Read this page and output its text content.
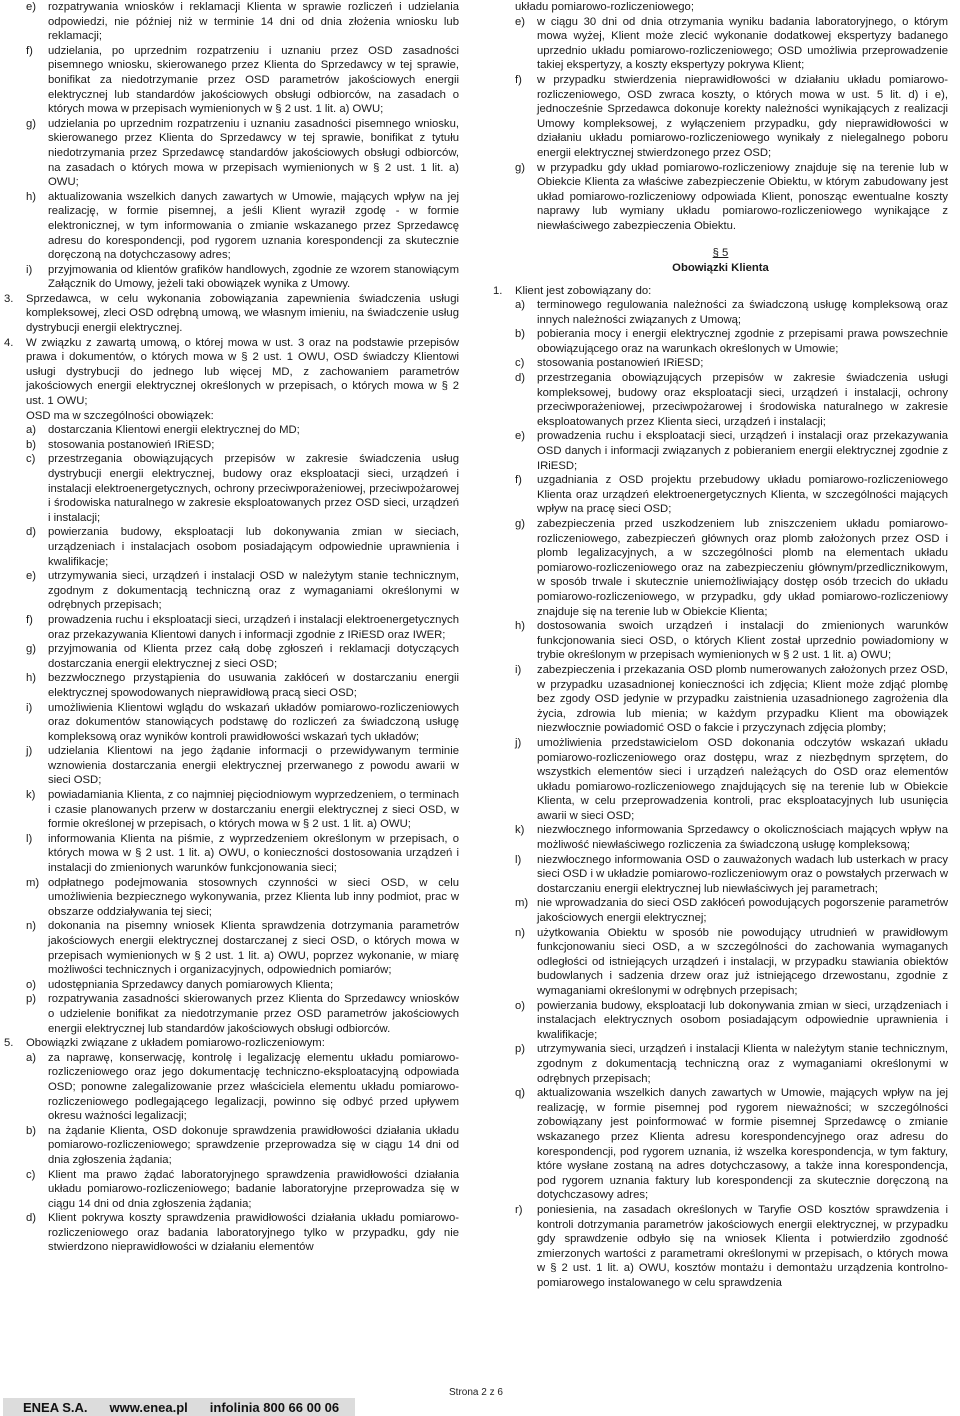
e)	rozpatrywania wniosków i reklamacji Klienta w sprawie rozliczeń i udzielania odpowiedzi, nie później niż w terminie 14 dni od dnia złożenia wniosku lub reklamacji;
f)	udzielania, po uprzednim rozpatrzeniu i uznaniu przez OSD zasadności pisemnego wniosku, skierowanego przez Klienta do Sprzedawcy w tej sprawie, bonifikat za niedotrzymanie przez OSD parametrów jakościowych energii elektrycznej lub standardów jakościowych obsługi odbiorców, na zasadach o których mowa w przepisach wymienionych w § 2 ust. 1 lit. a) OWU;
g)	udzielania po uprzednim rozpatrzeniu i uznaniu zasadności pisemnego wniosku, skierowanego przez Klienta do Sprzedawcy w tej sprawie, bonifikat z tytułu niedotrzymania przez Sprzedawcę standardów jakościowych obsługi odbiorców, na zasadach o których mowa w przepisach wymienionych w § 2 ust. 1 lit. a) OWU;
h)	aktualizowania wszelkich danych zawartych w Umowie, mających wpływ na jej realizację, w formie pisemnej, a jeśli Klient wyraził zgodę - w formie elektronicznej, w tym informowania o zmianie wskazanego przez Sprzedawcę adresu do korespondencji, pod rygorem uznania korespondencji za skutecznie doręczoną na dotychczasowy adres;
i)	przyjmowania od klientów grafików handlowych, zgodnie ze wzorem stanowiącym Załącznik do Umowy, jeżeli taki obowiązek wynika z Umowy.
3.	Sprzedawca, w celu wykonania zobowiązania zapewnienia świadczenia usługi kompleksowej, zleci OSD odrębną umową, we własnym imieniu, na świadczenie usług dystrybucji energii elektrycznej.
4.	W związku z zawartą umową, o której mowa w ust. 3 oraz na podstawie przepisów prawa i dokumentów, o których mowa w § 2 ust. 1 OWU, OSD świadczy Klientowi usługi dystrybucji do jednego lub więcej MD, z zachowaniem parametrów jakościowych energii elektrycznej określonych w przepisach, o których mowa w § 2 ust. 1 OWU;
OSD ma w szczególności obowiązek:
a)	dostarczania Klientowi energii elektrycznej do MD;
b)	stosowania postanowień IRiESD;
c)	przestrzegania obowiązujących przepisów w zakresie świadczenia usług dystrybucji energii elektrycznej, budowy oraz eksploatacji sieci, urządzeń i instalacji elektroenergetycznych, ochrony przeciwporażeniowej, przeciwpożarowej i środowiska naturalnego w zakresie eksploatowanych przez OSD sieci, urządzeń i instalacji;
d)	powierzania budowy, eksploatacji lub dokonywania zmian w sieciach, urządzeniach i instalacjach osobom posiadającym odpowiednie uprawnienia i kwalifikacje;
e)	utrzymywania sieci, urządzeń i instalacji OSD w należytym stanie technicznym, zgodnym z dokumentacją techniczną oraz z wymaganiami określonymi w odrębnych przepisach;
f)	prowadzenia ruchu i eksploatacji sieci, urządzeń i instalacji elektroenergetycznych oraz przekazywania Klientowi danych i informacji zgodnie z IRiESD oraz IWER;
g)	przyjmowania od Klienta przez całą dobę zgłoszeń i reklamacji dotyczących dostarczania energii elektrycznej z sieci OSD;
h)	bezzwłocznego przystąpienia do usuwania zakłóceń w dostarczaniu energii elektrycznej spowodowanych nieprawidłową pracą sieci OSD;
i)	umożliwienia Klientowi wglądu do wskazań układów pomiarowo-rozliczeniowych oraz dokumentów stanowiących podstawę do rozliczeń za świadczoną usługę kompleksową oraz wyników kontroli prawidłowości wskazań tych układów;
j)	udzielania Klientowi na jego żądanie informacji o przewidywanym terminie wznowienia dostarczania energii elektrycznej przerwanego z powodu awarii w sieci OSD;
k)	powiadamiania Klienta, z co najmniej pięciodniowym wyprzedzeniem, o terminach i czasie planowanych przerw w dostarczaniu energii elektrycznej z sieci OSD, w formie określonej w przepisach, o których mowa w § 2 ust. 1 lit. a) OWU;
l)	informowania Klienta na piśmie, z wyprzedzeniem określonym w przepisach, o których mowa w § 2 ust. 1 lit. a) OWU, o konieczności dostosowania urządzeń i instalacji do zmienionych warunków funkcjonowania sieci;
m) odpłatnego podejmowania stosownych czynności w sieci OSD, w celu umożliwienia bezpiecznego wykonywania, przez Klienta lub inny podmiot, prac w obszarze oddziaływania tej sieci;
n)	dokonania na pisemny wniosek Klienta sprawdzenia dotrzymania parametrów jakościowych energii elektrycznej dostarczanej z sieci OSD, o których mowa w przepisach wymienionych w § 2 ust. 1 lit. a) OWU, poprzez wykonanie, w miarę możliwości technicznych i organizacyjnych, odpowiednich pomiarów;
o)	udostępniania Sprzedawcy danych pomiarowych Klienta;
p)	rozpatrywania zasadności skierowanych przez Klienta do Sprzedawcy wniosków o udzielenie bonifikat za niedotrzymanie przez OSD parametrów jakościowych energii elektrycznej lub standardów jakościowych obsługi odbiorców.
5.	Obowiązki związane z układem pomiarowo-rozliczeniowym:
a)	za naprawę, konserwację, kontrolę i legalizację elementu układu pomiarowo-rozliczeniowego oraz jego dokumentację techniczno-eksploatacyjną odpowiada OSD; ponowne zalegalizowanie przez właściciela elementu układu pomiarowo-rozliczeniowego podlegającego legalizacji, powinno się odbyć przed upływem okresu ważności legalizacji;
b)	na żądanie Klienta, OSD dokonuje sprawdzenia prawidłowości działania układu pomiarowo-rozliczeniowego; sprawdzenie przeprowadza się w ciągu 14 dni od dnia zgłoszenia żądania;
c)	Klient ma prawo żądać laboratoryjnego sprawdzenia prawidłowości działania układu pomiarowo-rozliczeniowego; badanie laboratoryjne przeprowadza się w ciągu 14 dni od dnia zgłoszenia żądania;
d)	Klient pokrywa koszty sprawdzenia prawidłowości działania układu pomiarowo-rozliczeniowego oraz badania laboratoryjnego tylko w przypadku, gdy nie stwierdzono nieprawidłowości w działaniu elementów
układu pomiarowo-rozliczeniowego;
e)	w ciągu 30 dni od dnia otrzymania wyniku badania laboratoryjnego, o którym mowa wyżej, Klient może zlecić wykonanie dodatkowej ekspertyzy badanego uprzednio układu pomiarowo-rozliczeniowego; OSD umożliwia przeprowadzenie takiej ekspertyzy, a koszty ekspertyzy pokrywa Klient;
f)	w przypadku stwierdzenia nieprawidłowości w działaniu układu pomiarowo-rozliczeniowego, OSD zwraca koszty, o których mowa w ust. 5 lit. d) i e), jednocześnie Sprzedawca dokonuje korekty należności wynikających z realizacji Umowy kompleksowej, z wyłączeniem przypadku, gdy nieprawidłowości w działaniu układu pomiarowo-rozliczeniowego wynikały z nielegalnego poboru energii elektrycznej stwierdzonego przez OSD;
g)	w przypadku gdy układ pomiarowo-rozliczeniowy znajduje się na terenie lub w Obiekcie Klienta za właściwe zabezpieczenie Obiektu, w którym zabudowany jest układ pomiarowo-rozliczeniowy odpowiada Klient, ponosząc ewentualne koszty naprawy lub wymiany układu pomiarowo-rozliczeniowego wynikające z niewłaściwego zabezpieczenia Obiektu.
§ 5
Obowiązki Klienta
1.	Klient jest zobowiązany do:
a)	terminowego regulowania należności za świadczoną usługę kompleksową oraz innych należności związanych z Umową;
b)	pobierania mocy i energii elektrycznej zgodnie z przepisami prawa powszechnie obowiązującego oraz na warunkach określonych w Umowie;
c)	stosowania postanowień IRiESD;
d)	przestrzegania obowiązujących przepisów w zakresie świadczenia usługi kompleksowej, budowy oraz eksploatacji sieci, urządzeń i instalacji, ochrony przeciwporażeniowej, przeciwpożarowej i środowiska naturalnego w zakresie eksploatowanych przez Klienta sieci, urządzeń i instalacji;
e)	prowadzenia ruchu i eksploatacji sieci, urządzeń i instalacji oraz przekazywania OSD danych i informacji związanych z pobieraniem energii elektrycznej zgodnie z IRiESD;
f)	uzgadniania z OSD projektu przebudowy układu pomiarowo-rozliczeniowego Klienta oraz urządzeń elektroenergetycznych Klienta, w szczególności mających wpływ na pracę sieci OSD;
g)	zabezpieczenia przed uszkodzeniem lub zniszczeniem układu pomiarowo-rozliczeniowego, zabezpieczeń głównych oraz plomb założonych przez OSD i plomb legalizacyjnych, a w szczególności plomb na elementach układu pomiarowo-rozliczeniowego oraz na zabezpieczeniu głównym/przedlicznikowym, w sposób trwale i skutecznie uniemożliwiający dostęp osób trzecich do układu pomiarowo-rozliczeniowego, w przypadku, gdy układ pomiarowo-rozliczeniowy znajduje się na terenie lub w Obiekcie Klienta;
h)	dostosowania swoich urządzeń i instalacji do zmienionych warunków funkcjonowania sieci OSD, o których Klient został uprzednio powiadomiony w trybie określonym w przepisach wymienionych w § 2 ust. 1 lit. a) OWU;
i)	zabezpieczenia i przekazania OSD plomb numerowanych założonych przez OSD, w przypadku uzasadnionej konieczności ich zdjęcia; Klient może zdjąć plombę bez zgody OSD jedynie w przypadku zaistnienia uzasadnionego zagrożenia dla życia, zdrowia lub mienia; w każdym przypadku Klient ma obowiązek niezwłocznie powiadomić OSD o fakcie i przyczynach zdjęcia plomby;
j)	umożliwienia przedstawicielom OSD dokonania odczytów wskazań układu pomiarowo-rozliczeniowego oraz dostępu, wraz z niezbędnym sprzętem, do wszystkich elementów sieci i urządzeń należących do OSD oraz elementów układu pomiarowo-rozliczeniowego znajdujących się na terenie lub w Obiekcie Klienta, w celu przeprowadzenia kontroli, prac eksploatacyjnych lub usunięcia awarii w sieci OSD;
k)	niezwłocznego informowania Sprzedawcy o okolicznościach mających wpływ na możliwość niewłaściwego rozliczenia za świadczoną usługę kompleksową;
l)	niezwłocznego informowania OSD o zauważonych wadach lub usterkach w pracy sieci OSD i w układzie pomiarowo-rozliczeniowym oraz o powstałych przerwach w dostarczaniu energii elektrycznej lub niewłaściwych jej parametrach;
m) nie wprowadzania do sieci OSD zakłóceń powodujących pogorszenie parametrów jakościowych energii elektrycznej;
n)	użytkowania Obiektu w sposób nie powodujący utrudnień w prawidłowym funkcjonowaniu sieci OSD, a w szczególności do zachowania wymaganych odległości od istniejących urządzeń i instalacji, w przypadku stawiania obiektów budowlanych i sadzenia drzew oraz już istniejącego drzewostanu, zgodnie z wymaganiami określonymi w odrębnych przepisach;
o)	powierzania budowy, eksploatacji lub dokonywania zmian w sieci, urządzeniach i instalacjach elektrycznych osobom posiadającym odpowiednie uprawnienia i kwalifikacje;
p)	utrzymywania sieci, urządzeń i instalacji Klienta w należytym stanie technicznym, zgodnym z dokumentacją techniczną oraz z wymaganiami określonymi w odrębnych przepisach;
q)	aktualizowania wszelkich danych zawartych w Umowie, mających wpływ na jej realizację, w formie pisemnej pod rygorem nieważności; w szczególności zobowiązany jest poinformować w formie pisemnej Sprzedawcę o zmianie wskazanego przez Klienta adresu korespondencyjnego oraz adresu do korespondencji, pod rygorem uznania, iż wszelka korespondencja, w tym faktury, które wysłane zostaną na adres dotychczasowy, a także inna korespondencja, pod rygorem uznania faktury lub korespondencji za skutecznie doręczoną na dotychczasowy adres;
r)	poniesienia, na zasadach określonych w Taryfie OSD kosztów sprawdzenia i kontroli dotrzymania parametrów jakościowych energii elektrycznej, w przypadku gdy sprawdzenie odbyło się na wniosek Klienta i potwierdziło zgodność zmierzonych wartości z parametrami określonymi w przepisach, o których mowa w § 2 ust. 1 lit. a) OWU, kosztów montażu i demontażu urządzenia kontrolno-pomiarowego instalowanego w celu sprawdzenia
ENEA S.A. www.enea.pl infolinia 800 66 00 06
Strona 2 z 6
